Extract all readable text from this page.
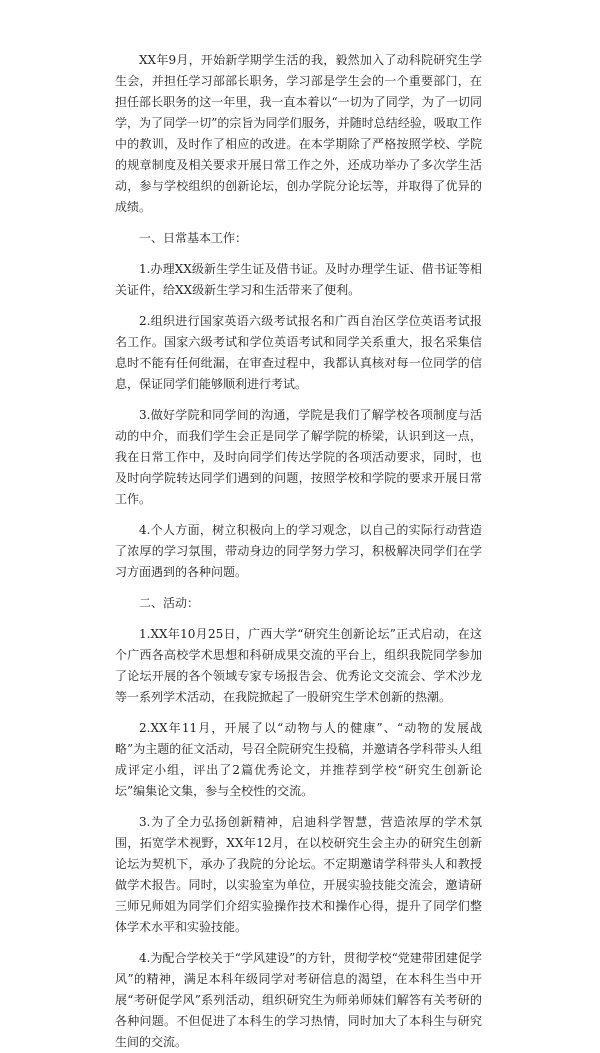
XX年9月，开始新学期学生活的我，毅然加入了动科院研究生学生会，并担任学习部部长职务，学习部是学生会的一个重要部门，在担任部长职务的这一年里，我一直本着以“一切为了同学，为了一切同学，为了同学一切”的宗旨为同学们服务，并随时总结经验，吸取工作中的教训，及时作了相应的改进。在本学期除了严格按照学校、学院的规章制度及相关要求开展日常工作之外，还成功举办了多次学生活动，参与学校组织的创新论坛，创办学院分论坛等，并取得了优异的成绩。

一、日常基本工作：

1.办理XX级新生学生证及借书证。及时办理学生证、借书证等相关证件，给XX级新生学习和生活带来了便利。

2.组织进行国家英语六级考试报名和广西自治区学位英语考试报名工作。国家六级考试和学位英语考试和同学关系重大，报名采集信息时不能有任何纰漏，在审查过程中，我都认真核对每一位同学的信息，保证同学们能够顺利进行考试。

3.做好学院和同学间的沟通，学院是我们了解学校各项制度与活动的中介，而我们学生会正是同学了解学院的桥梁，认识到这一点，我在日常工作中，及时向同学们传达学院的各项活动要求，同时，也及时向学院转达同学们遇到的问题，按照学校和学院的要求开展日常工作。

4.个人方面，树立积极向上的学习观念，以自己的实际行动营造了浓厚的学习氛围，带动身边的同学努力学习，积极解决同学们在学习方面遇到的各种问题。

二、活动：

1.XX年10月25日，广西大学“研究生创新论坛”正式启动，在这个广西各高校学术思想和科研成果交流的平台上，组织我院同学参加了论坛开展的各个领域专家专场报告会、优秀论文交流会、学术沙龙等一系列学术活动，在我院掀起了一股研究生学术创新的热潮。

2.XX年11月，开展了以“动物与人的健康”、“动物的发展战略”为主题的征文活动，号召全院研究生投稿，并邀请各学科带头人组成评定小组，评出了2篇优秀论文，并推荐到学校“研究生创新论坛”编集论文集，参与全校性的交流。

3.为了全力弘扬创新精神，启迪科学智慧，营造浓厚的学术氛围，拓宽学术视野，XX年12月，在以校研究生会主办的研究生创新论坛为契机下，承办了我院的分论坛。不定期邀请学科带头人和教授做学术报告。同时，以实验室为单位，开展实验技能交流会，邀请研三师兄师姐为同学们介绍实验操作技术和操作心得，提升了同学们整体学术水平和实验技能。

4.为配合学校关于“学风建设”的方针，贯彻学校“党建带团建促学风”的精神，满足本科年级同学对考研信息的渴望，在本科生当中开展“考研促学风”系列活动，组织研究生为师弟师妹们解答有关考研的各种问题。不但促进了本科生的学习热情，同时加大了本科生与研究生间的交流。
